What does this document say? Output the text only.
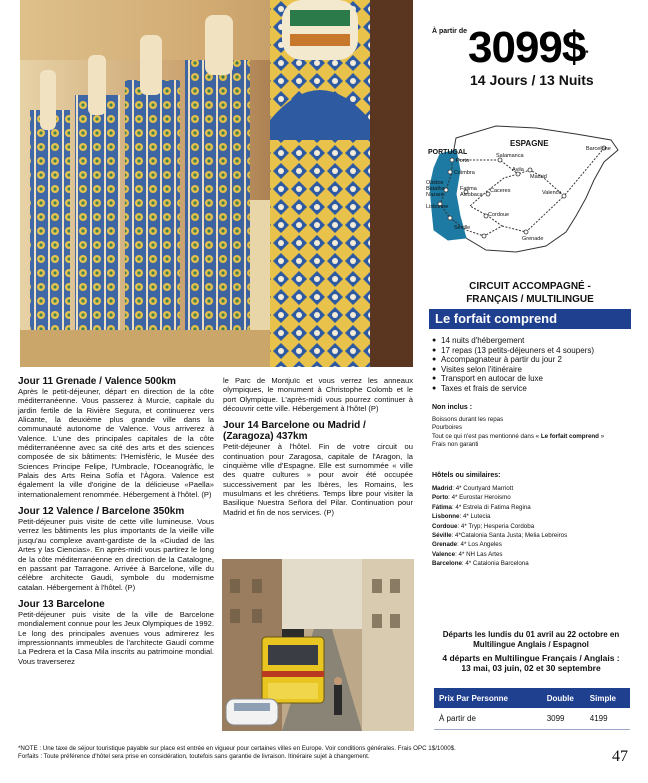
À partir de 3099$*
14 Jours / 13 Nuits
ESPAGNE
PORTUGAL
Porto
Coimbra
Salamanca
Avila
Madrid
Barcelone
Obidos
Batalha
Nazaré
Fatima
Alcobaca
Lisbonne
Caceres	Valence
Cordoue
Séville
Grenade
CIRCUIT ACCOMPAGNÉ -
FRANÇAIS / MULTILINGUE
Le forfait comprend
● 14 nuits d'hébergement
● 17 repas (13 petits-déjeuners et 4 soupers)
● Accompagnateur à partir du jour 2
● Visites selon l'itinéraire
● Transport en autocar de luxe
● Taxes et frais de service
Non inclus :
Boissons durant les repas
Pourboires
Tout ce qui n'est pas mentionné dans « Le forfait comprend »
Frais non garanti
Hôtels ou similaires:
Madrid: 4* Courtyard Marriott
Porto: 4* Eurostar Heroismo
Fátima: 4* Estrela di Fatima Regina
Lisbonne: 4* Lutecia
Cordoue: 4* Tryp; Hesperia Cordoba
Séville: 4*Catalonia Santa Justa; Melia Lebreiros
Grenade: 4* Los Angeles
Valence: 4* NH Las Artes
Barcelone: 4* Catalonia Barcelona
Départs les lundis du 01 avril au 22 octobre en
Multilingue Anglais / Espagnol
4 départs en Multilingue Français / Anglais :
13 mai, 03 juin, 02 et 30 septembre
Prix Par Personne	Double	Simple
À partir de	3099	4199
Jour 11 Grenade / Valence 500km

Après le petit-déjeuner, départ en direction de la côte méditerranéenne. Vous passerez à Murcie, capitale du jardin fertile de la Rivière Segura, et continuerez vers Alicante, la deuxième plus grande ville dans la communauté autonome de Valence. Vous arriverez à Valence. L'une des principales capitales de la côte méditerranéenne avec sa cité des arts et des sciences composée de six bâtiments: l'Hemisfèric, le Musée des Sciences Principe Felipe, l'Umbracle, l'Oceanogràfic, le Palais des Arts Reina Sofía et l'Àgora. Valence est également la ville d'origine de la délicieuse «Paella» internationalement renommée. Hébergement à l'hôtel. (P)

Jour 12 Valence / Barcelone 350km

Petit-déjeuner puis visite de cette ville lumineuse. Vous verrez les bâtiments les plus importants de la vieille ville jusqu'au complexe avant-gardiste de la «Ciudad de las Artes y las Ciencias». En après-midi vous partirez le long de la côte méditerranéenne en direction de la Catalogne, en passant par Tarragone. Arrivée à Barcelone, ville du célèbre architecte Gaudi, symbole du modernisme catalan. Hébergement à l'hôtel. (P)

Jour 13 Barcelone

Petit-déjeuner puis visite de la ville de Barcelone mondialement connue pour les Jeux Olympiques de 1992. Le long des principales avenues vous admirerez les impressionnants immeubles de l'architecte Gaudí comme La Pedrera et la Casa Mila inscrits au patrimoine mondial. Vous traverserez

le Parc de Montjuïc et vous verrez les anneaux olympiques, le monument à Christophe Colomb et le port Olympique. L'après-midi vous pourrez continuer à découvrir cette ville. Hébergement à l'hôtel (P)

Jour 14 Barcelone ou Madrid / (Zaragoza) 437km

Petit-déjeuner à l'hôtel. Fin de votre circuit ou continuation pour Zaragosa, capitale de l'Aragon, la cinquième ville d'Espagne. Elle est surnommée « ville des quatre cultures » pour avoir été occupée successivement par les Ibères, les Romains, les musulmans et les chrétiens. Temps libre pour visiter la Basilique Nuestra Señora del Pilar. Continuation pour Madrid et fin de nos services. (P)

*NOTE : Une taxe de séjour touristique payable sur place est entrée en vigueur pour certaines villes en Europe. Voir conditions générales. Frais OPC 1$/1000$.
Forfaits : Toute préférence d'hôtel sera prise en considération, toutefois sans garantie de livraison. Itinéraire sujet à changement.	47
